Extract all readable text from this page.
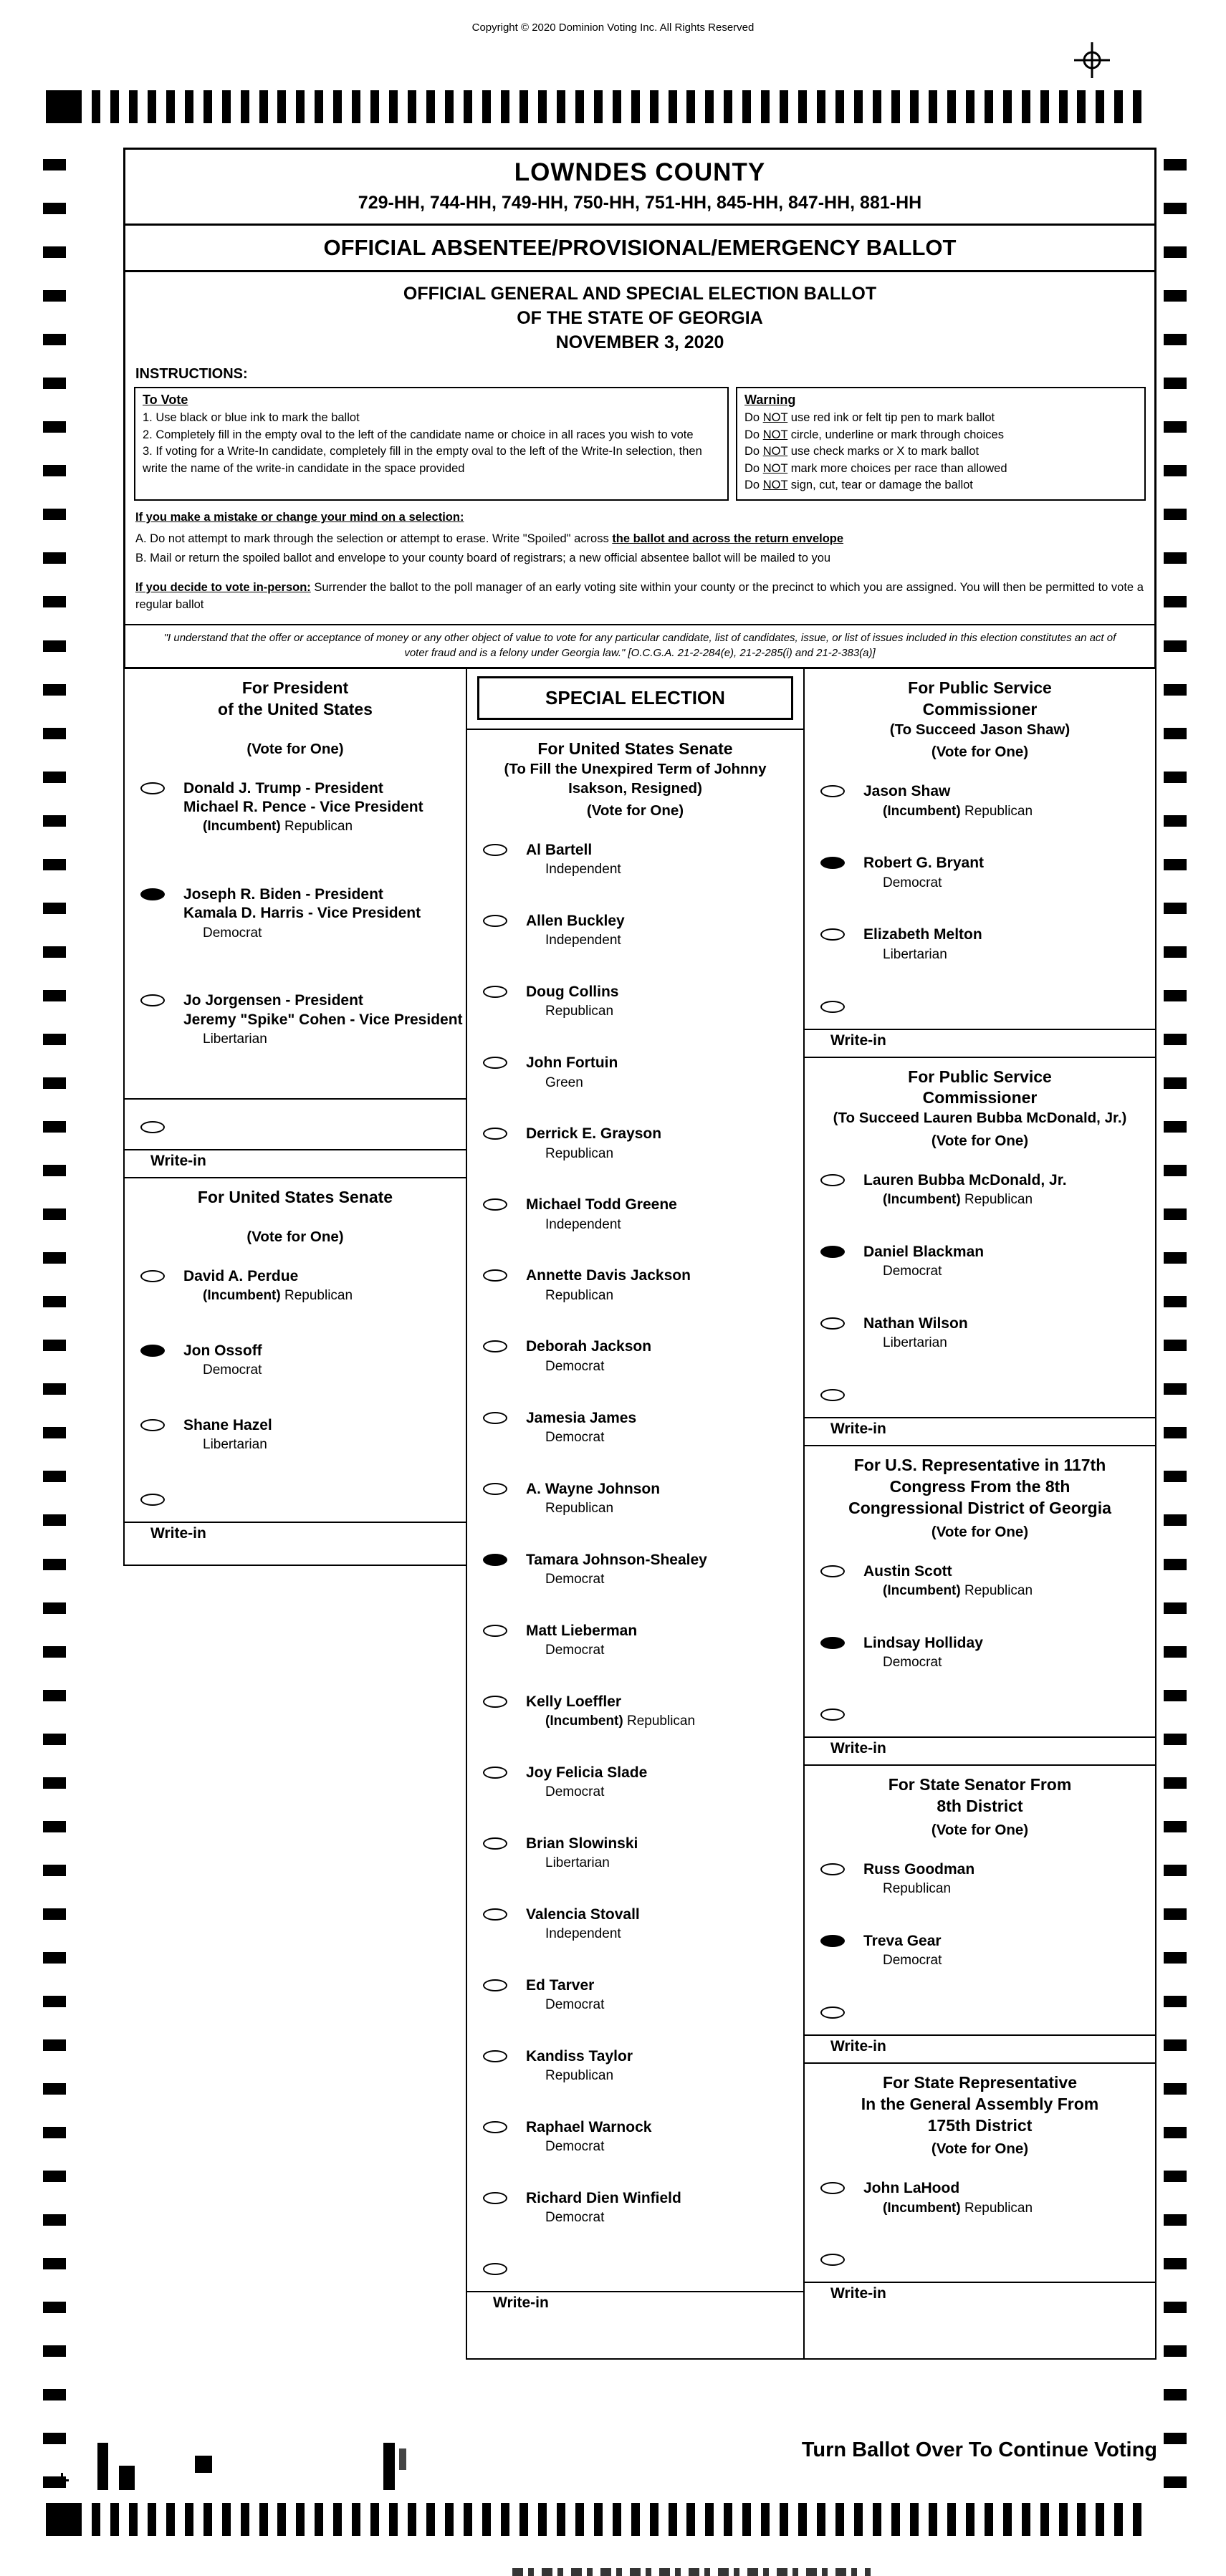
Copyright © 2020 Dominion Voting Inc. All Rights Reserved
LOWNDES COUNTY
729-HH, 744-HH, 749-HH, 750-HH, 751-HH, 845-HH, 847-HH, 881-HH
OFFICIAL ABSENTEE/PROVISIONAL/EMERGENCY BALLOT
OFFICIAL GENERAL AND SPECIAL ELECTION BALLOT
OF THE STATE OF GEORGIA
NOVEMBER 3, 2020
INSTRUCTIONS:
To Vote
1. Use black or blue ink to mark the ballot
2. Completely fill in the empty oval to the left of the candidate name or choice in all races you wish to vote
3. If voting for a Write-In candidate, completely fill in the empty oval to the left of the Write-In selection, then write the name of the write-in candidate in the space provided
Warning
Do NOT use red ink or felt tip pen to mark ballot
Do NOT circle, underline or mark through choices
Do NOT use check marks or X to mark ballot
Do NOT mark more choices per race than allowed
Do NOT sign, cut, tear or damage the ballot
If you make a mistake or change your mind on a selection:

A. Do not attempt to mark through the selection or attempt to erase. Write "Spoiled" across the ballot and across the return envelope

B. Mail or return the spoiled ballot and envelope to your county board of registrars; a new official absentee ballot will be mailed to you

If you decide to vote in-person: Surrender the ballot to the poll manager of an early voting site within your county or the precinct to which you are assigned. You will then be permitted to vote a regular ballot
"I understand that the offer or acceptance of money or any other object of value to vote for any particular candidate, list of candidates, issue, or list of issues included in this election constitutes an act of voter fraud and is a felony under Georgia law." [O.C.G.A. 21-2-284(e), 21-2-285(i) and 21-2-383(a)]
For President
of the United States
(Vote for One)
Donald J. Trump - President
Michael R. Pence - Vice President
(Incumbent) Republican
Joseph R. Biden - President
Kamala D. Harris - Vice President
Democrat
Jo Jorgensen - President
Jeremy "Spike" Cohen - Vice President
Libertarian
Write-in
For United States Senate
(Vote for One)
David A. Perdue
(Incumbent) Republican
Jon Ossoff
Democrat
Shane Hazel
Libertarian
Write-in
SPECIAL ELECTION
For United States Senate
(To Fill the Unexpired Term of Johnny
Isakson, Resigned)
(Vote for One)
Al Bartell
Independent
Allen Buckley
Independent
Doug Collins
Republican
John Fortuin
Green
Derrick E. Grayson
Republican
Michael Todd Greene
Independent
Annette Davis Jackson
Republican
Deborah Jackson
Democrat
Jamesia James
Democrat
A. Wayne Johnson
Republican
Tamara Johnson-Shealey
Democrat
Matt Lieberman
Democrat
Kelly Loeffler
(Incumbent) Republican
Joy Felicia Slade
Democrat
Brian Slowinski
Libertarian
Valencia Stovall
Independent
Ed Tarver
Democrat
Kandiss Taylor
Republican
Raphael Warnock
Democrat
Richard Dien Winfield
Democrat
Write-in
For Public Service
Commissioner
(To Succeed Jason Shaw)
(Vote for One)
Jason Shaw
(Incumbent) Republican
Robert G. Bryant
Democrat
Elizabeth Melton
Libertarian
Write-in
For Public Service
Commissioner
(To Succeed Lauren Bubba McDonald, Jr.)
(Vote for One)
Lauren Bubba McDonald, Jr.
(Incumbent) Republican
Daniel Blackman
Democrat
Nathan Wilson
Libertarian
Write-in
For U.S. Representative in 117th
Congress From the 8th
Congressional District of Georgia
(Vote for One)
Austin Scott
(Incumbent) Republican
Lindsay Holliday
Democrat
Write-in
For State Senator From
8th District
(Vote for One)
Russ Goodman
Republican
Treva Gear
Democrat
Write-in
For State Representative
In the General Assembly From
175th District
(Vote for One)
John LaHood
(Incumbent) Republican
Write-in
Turn Ballot Over To Continue Voting
